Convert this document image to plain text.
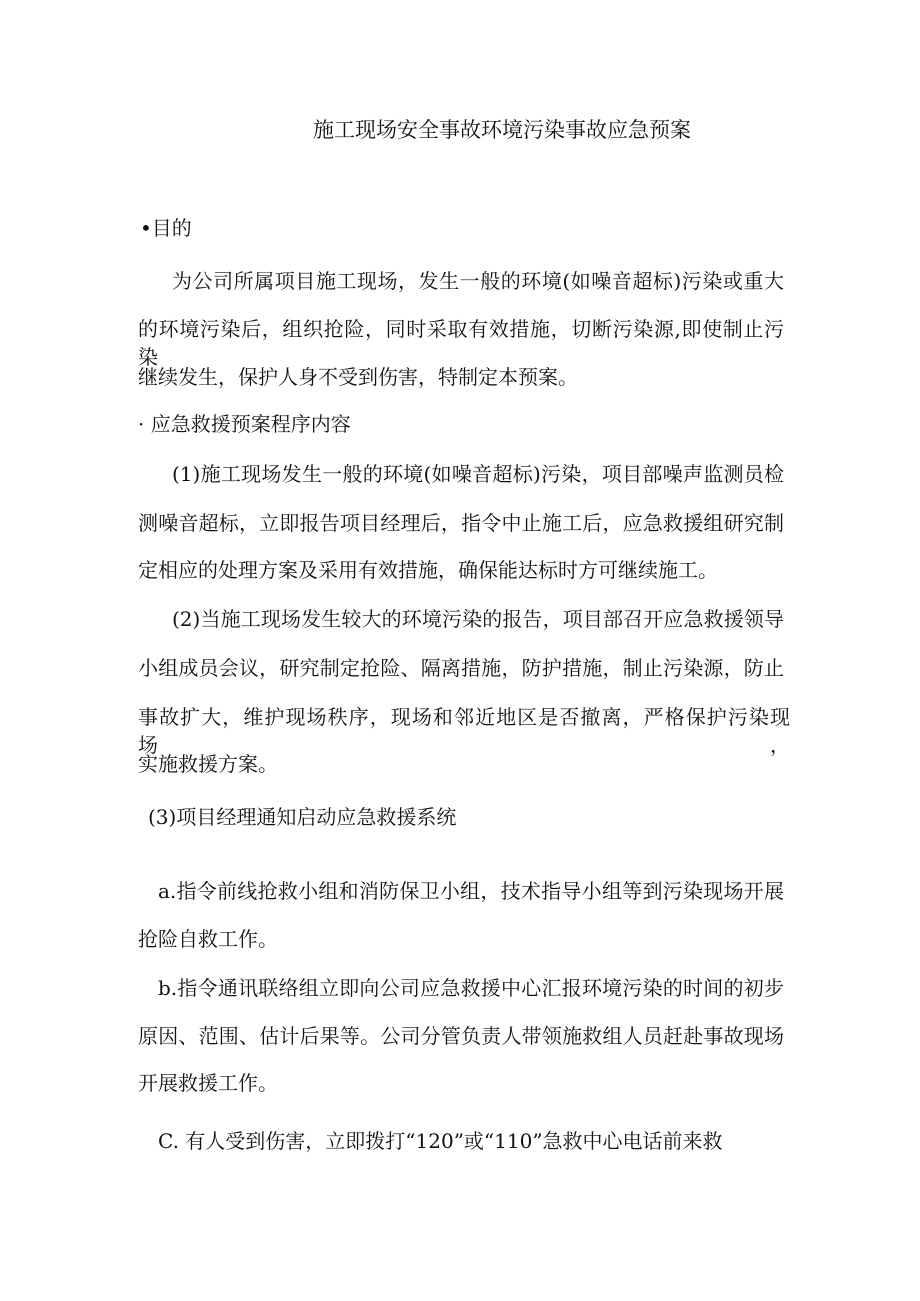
施工现场安全事故环境污染事故应急预案
•目的
为公司所属项目施工现场，发生一般的环境(如噪音超标)污染或重大
的环境污染后，组织抢险，同时采取有效措施，切断污染源,即使制止污染
继续发生，保护人身不受到伤害，特制定本预案。
· 应急救援预案程序内容
(1)施工现场发生一般的环境(如噪音超标)污染，项目部噪声监测员检
测噪音超标，立即报告项目经理后，指令中止施工后，应急救援组研究制
定相应的处理方案及采用有效措施，确保能达标时方可继续施工。
(2)当施工现场发生较大的环境污染的报告，项目部召开应急救援领导
小组成员会议，研究制定抢险、隔离措施，防护措施，制止污染源，防止
事故扩大，维护现场秩序，现场和邻近地区是否撤离，严格保护污染现场，
实施救援方案。
(3)项目经理通知启动应急救援系统
a.指令前线抢救小组和消防保卫小组，技术指导小组等到污染现场开展
抢险自救工作。
b.指令通讯联络组立即向公司应急救援中心汇报环境污染的时间的初步
原因、范围、估计后果等。公司分管负责人带领施救组人员赶赴事故现场
开展救援工作。
C. 有人受到伤害，立即拨打“120”或“110”急救中心电话前来救
